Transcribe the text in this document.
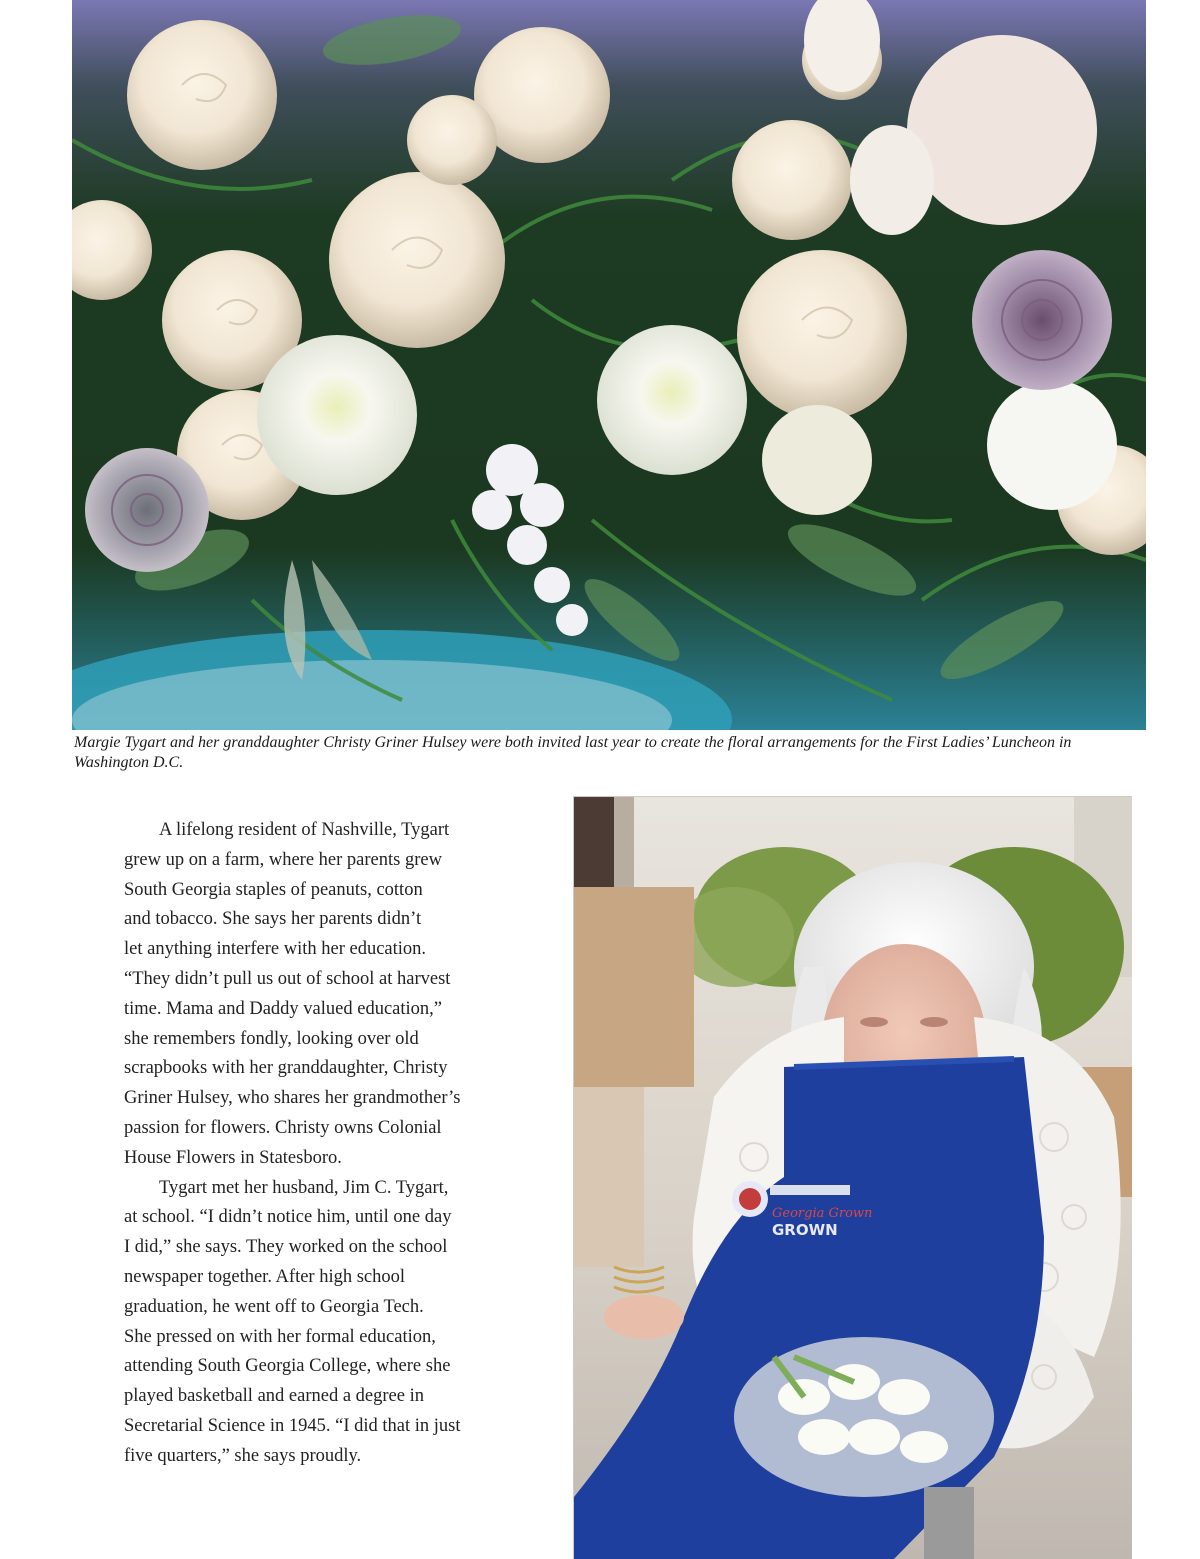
Margie Tygart and her granddaughter Christy Griner Hulsey were both invited last year to create the floral arrangements for the First Ladies’ Luncheon in Washington D.C.

A lifelong resident of Nashville, Tygart
grew up on a farm, where her parents grew
South Georgia staples of peanuts, cotton
and tobacco. She says her parents didn’t
let anything interfere with her education.
“They didn’t pull us out of school at harvest
time. Mama and Daddy valued education,”
she remembers fondly, looking over old
scrapbooks with her granddaughter, Christy
Griner Hulsey, who shares her grandmother’s
passion for flowers. Christy owns Colonial
House Flowers in Statesboro.
Tygart met her husband, Jim C. Tygart,
at school. “I didn’t notice him, until one day
I did,” she says. They worked on the school
newspaper together. After high school
graduation, he went off to Georgia Tech.
She pressed on with her formal education,
attending South Georgia College, where she
played basketball and earned a degree in
Secretarial Science in 1945. “I did that in just
five quarters,” she says proudly.
Georgia Grown
GROWN
